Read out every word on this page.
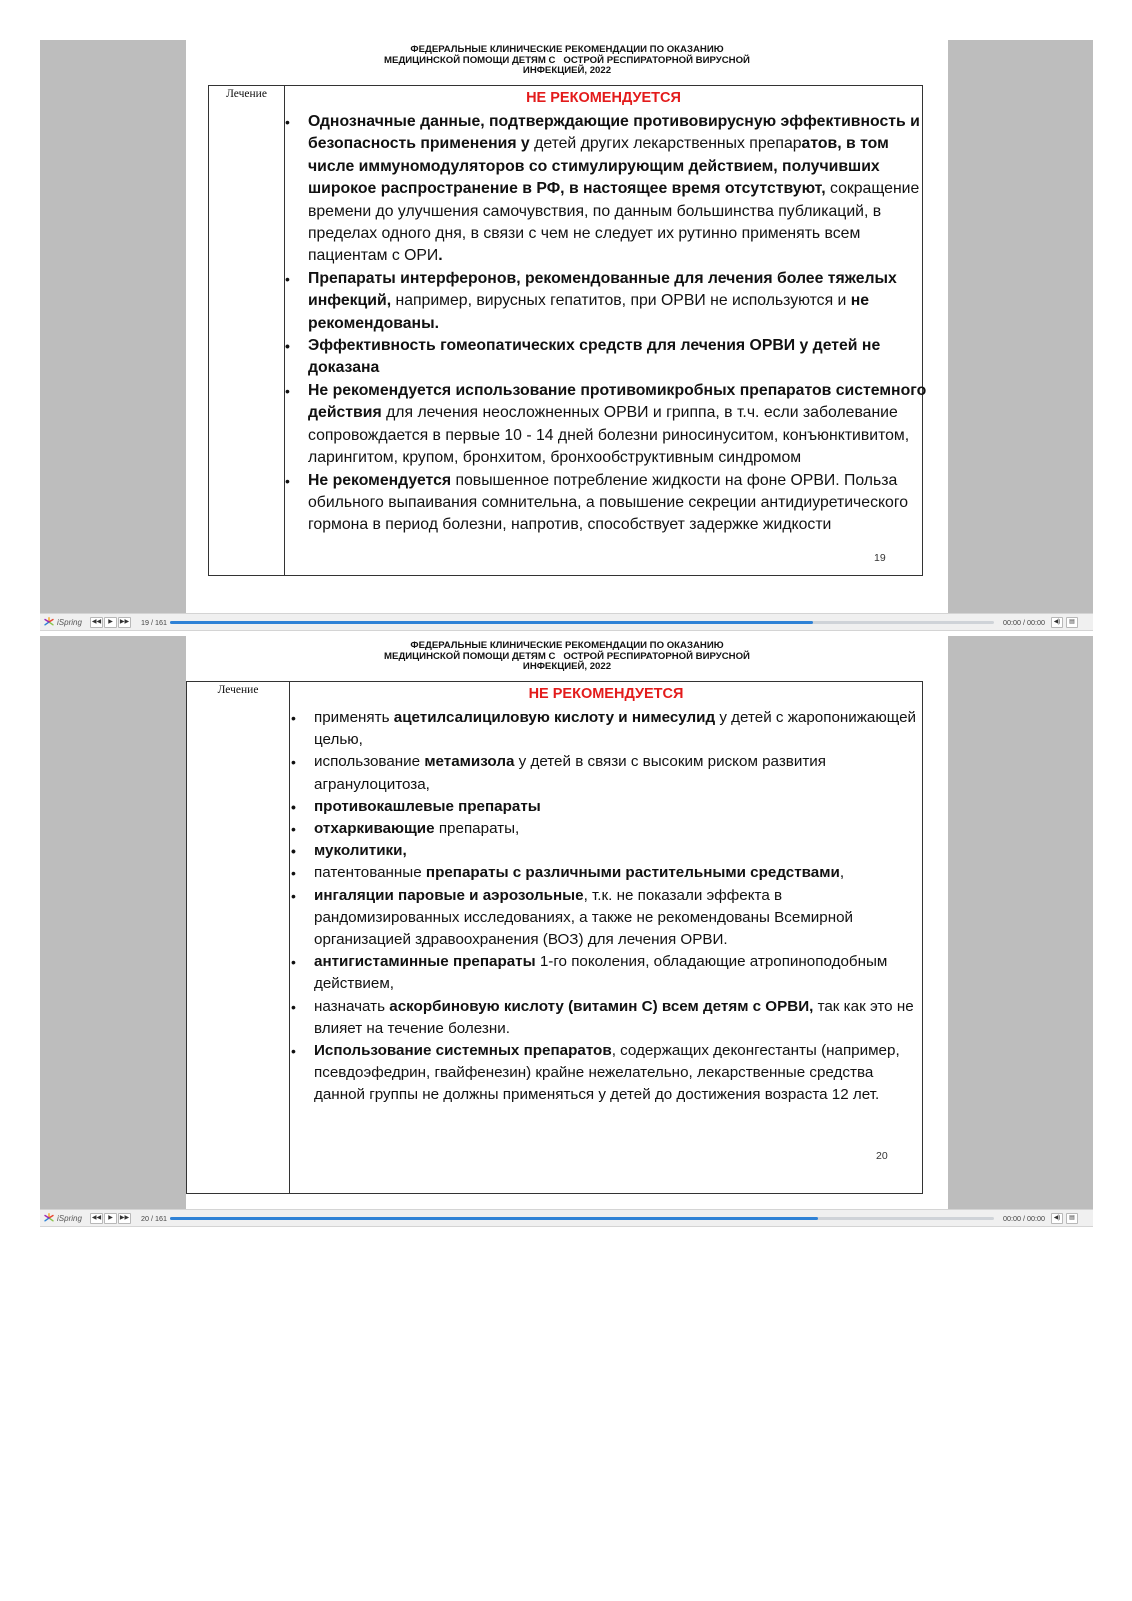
ФЕДЕРАЛЬНЫЕ КЛИНИЧЕСКИЕ РЕКОМЕНДАЦИИ ПО ОКАЗАНИЮ
МЕДИЦИНСКОЙ ПОМОЩИ ДЕТЯМ С   ОСТРОЙ РЕСПИРАТОРНОЙ ВИРУСНОЙ
ИНФЕКЦИЕЙ, 2022
Лечение	НЕ РЕКОМЕНДУЕТСЯ
• Однозначные данные, подтверждающие противовирусную эффективность и безопасность применения у детей других лекарственных препаратов, в том числе иммуномодуляторов со стимулирующим действием, получивших широкое распространение в РФ, в настоящее время отсутствуют, сокращение времени до улучшения самочувствия, по данным большинства публикаций, в пределах одного дня, в связи с чем не следует их рутинно применять всем пациентам с ОРИ.
• Препараты интерферонов, рекомендованные для лечения более тяжелых инфекций, например, вирусных гепатитов, при ОРВИ не используются и не рекомендованы.
• Эффективность гомеопатических средств для лечения ОРВИ у детей не доказана
• Не рекомендуется использование противомикробных препаратов системного действия для лечения неосложненных ОРВИ и гриппа, в т.ч. если заболевание сопровождается в первые 10 - 14 дней болезни риносинуситом, конъюнктивитом, ларингитом, крупом, бронхитом, бронхообструктивным синдромом
• Не рекомендуется повышенное потребление жидкости на фоне ОРВИ. Польза обильного выпаивания сомнительна, а повышение секреции антидиуретического гормона в период болезни, напротив, способствует задержке жидкости
19
iSpring	◀◀	▶	▶▶ 19 / 161	00:00 / 00:00	◀)	▤
ФЕДЕРАЛЬНЫЕ КЛИНИЧЕСКИЕ РЕКОМЕНДАЦИИ ПО ОКАЗАНИЮ
МЕДИЦИНСКОЙ ПОМОЩИ ДЕТЯМ С   ОСТРОЙ РЕСПИРАТОРНОЙ ВИРУСНОЙ
ИНФЕКЦИЕЙ, 2022
Лечение	НЕ РЕКОМЕНДУЕТСЯ
• применять ацетилсалициловую кислоту и нимесулид у детей с жаропонижающей целью,
• использование метамизола у детей в связи с высоким риском развития агранулоцитоза,
• противокашлевые препараты
• отхаркивающие препараты,
• муколитики,
• патентованные препараты с различными растительными средствами,
• ингаляции паровые и аэрозольные, т.к. не показали эффекта в рандомизированных исследованиях, а также не рекомендованы Всемирной организацией здравоохранения (ВОЗ) для лечения ОРВИ.
• антигистаминные препараты 1-го поколения, обладающие атропиноподобным действием,
• назначать аскорбиновую кислоту (витамин С) всем детям с ОРВИ, так как это не влияет на течение болезни.
• Использование системных препаратов, содержащих деконгестанты (например, псевдоэфедрин, гвайфенезин) крайне нежелательно, лекарственные средства данной группы не должны применяться у детей до достижения возраста 12 лет.
20
iSpring	◀◀	▶	▶▶ 20 / 161	00:00 / 00:00	◀)	▤
